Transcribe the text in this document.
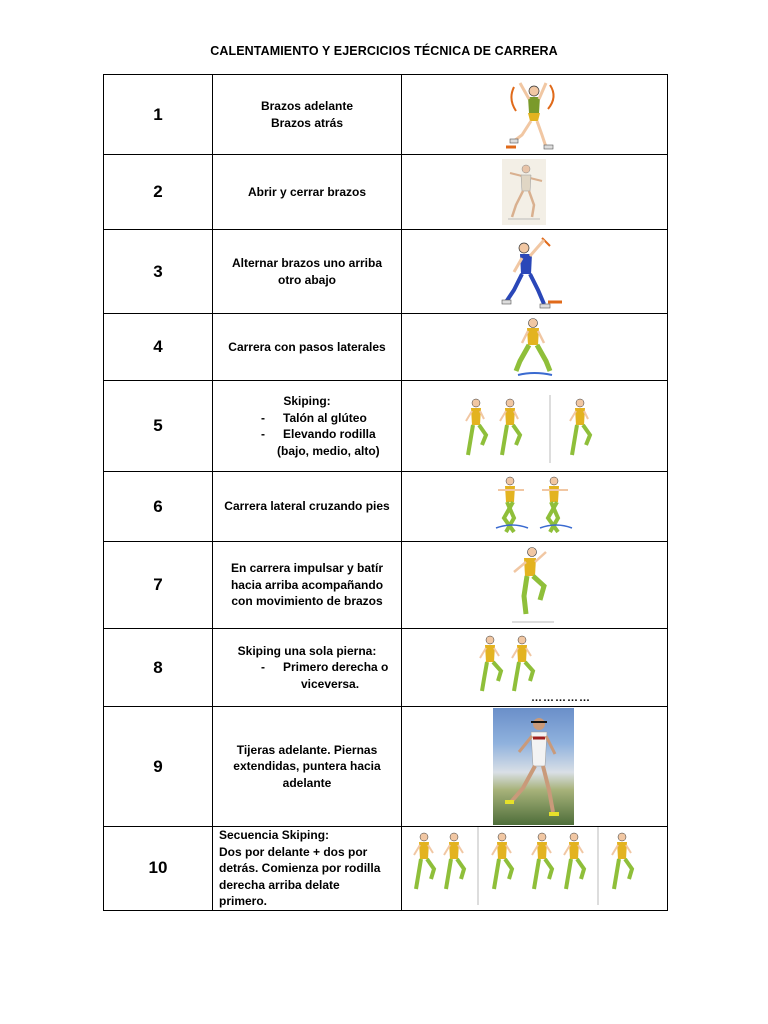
CALENTAMIENTO Y EJERCICIOS TÉCNICA DE CARRERA
1	Brazos adelante
Brazos atrás

2	Abrir y cerrar brazos

3	Alternar brazos uno arriba
otro abajo

4	Carrera con pasos laterales

5	Skiping:
- Talón al glúteo
- Elevando rodilla
(bajo, medio, alto)

6	Carrera lateral cruzando pies

7	En carrera impulsar y batír
hacia arriba acompañando
con movimiento de brazos

8	Skiping una sola pierna:
- Primero derecha o
viceversa.	……………

9	Tijeras adelante. Piernas
extendidas, puntera hacia
adelante

10	Secuencia Skiping:
Dos por delante + dos por
detrás. Comienza por rodilla
derecha arriba delate
primero.
